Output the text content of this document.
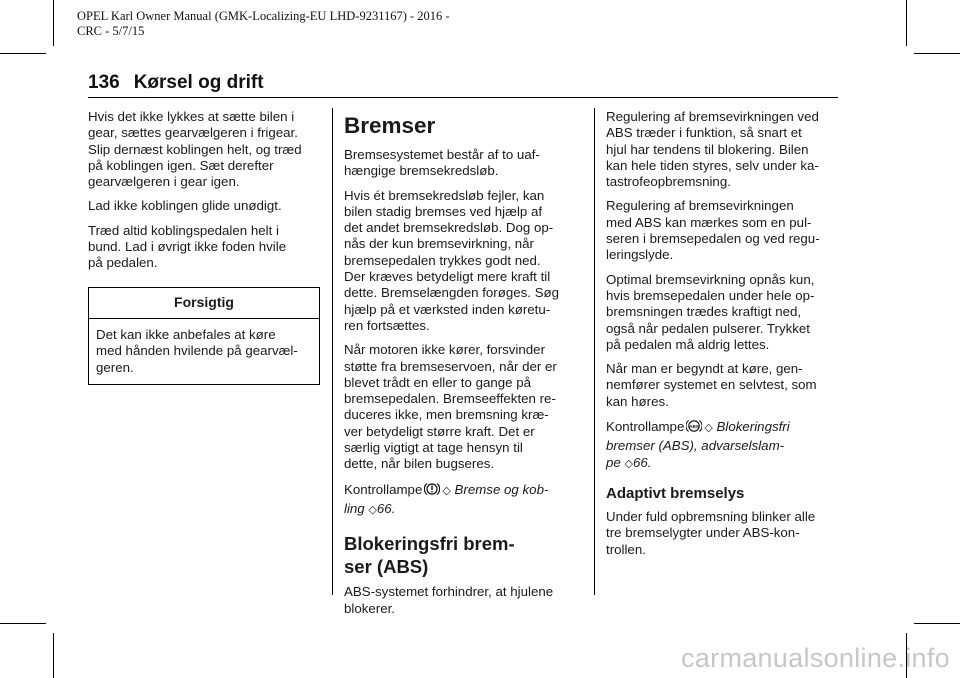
OPEL Karl Owner Manual (GMK-Localizing-EU LHD-9231167) - 2016 -
CRC - 5/7/15
136 Kørsel og drift

Hvis det ikke lykkes at sætte bilen i
gear, sættes gearvælgeren i frigear.
Slip dernæst koblingen helt, og træd
på koblingen igen. Sæt derefter
gearvælgeren i gear igen.

Lad ikke koblingen glide unødigt.

Træd altid koblingspedalen helt i
bund. Lad i øvrigt ikke foden hvile
på pedalen.

Forsigtig
Det kan ikke anbefales at køre
med hånden hvilende på gearvæl-
geren.
Bremser

Bremsesystemet består af to uaf-
hængige bremsekredsløb.

Hvis ét bremsekredsløb fejler, kan
bilen stadig bremses ved hjælp af
det andet bremsekredsløb. Dog op-
nås der kun bremsevirkning, når
bremsepedalen trykkes godt ned.
Der kræves betydeligt mere kraft til
dette. Bremselængden forøges. Søg
hjælp på et værksted inden køretu-
ren fortsættes.

Når motoren ikke kører, forsvinder
støtte fra bremseservoen, når der er
blevet trådt en eller to gange på
bremsepedalen. Bremseeffekten re-
duceres ikke, men bremsning kræ-
ver betydeligt større kraft. Det er
særlig vigtigt at tage hensyn til
dette, når bilen bugseres.

Kontrollampe ◇ Bremse og kob-
ling ◇66.

Blokeringsfri brem-
ser (ABS)

ABS-systemet forhindrer, at hjulene
blokerer.

Regulering af bremsevirkningen ved
ABS træder i funktion, så snart et
hjul har tendens til blokering. Bilen
kan hele tiden styres, selv under ka-
tastrofeopbremsning.

Regulering af bremsevirkningen
med ABS kan mærkes som en pul-
seren i bremsepedalen og ved regu-
leringslyde.

Optimal bremsevirkning opnås kun,
hvis bremsepedalen under hele op-
bremsningen trædes kraftigt ned,
også når pedalen pulserer. Trykket
på pedalen må aldrig lettes.

Når man er begyndt at køre, gen-
nemfører systemet en selvtest, som
kan høres.

Kontrollampe ABS ◇ Blokeringsfri
bremser (ABS), advarselslam-
pe ◇66.

Adaptivt bremselys

Under fuld opbremsning blinker alle
tre bremselygter under ABS-kon-
trollen.

carmanualsonline.info
